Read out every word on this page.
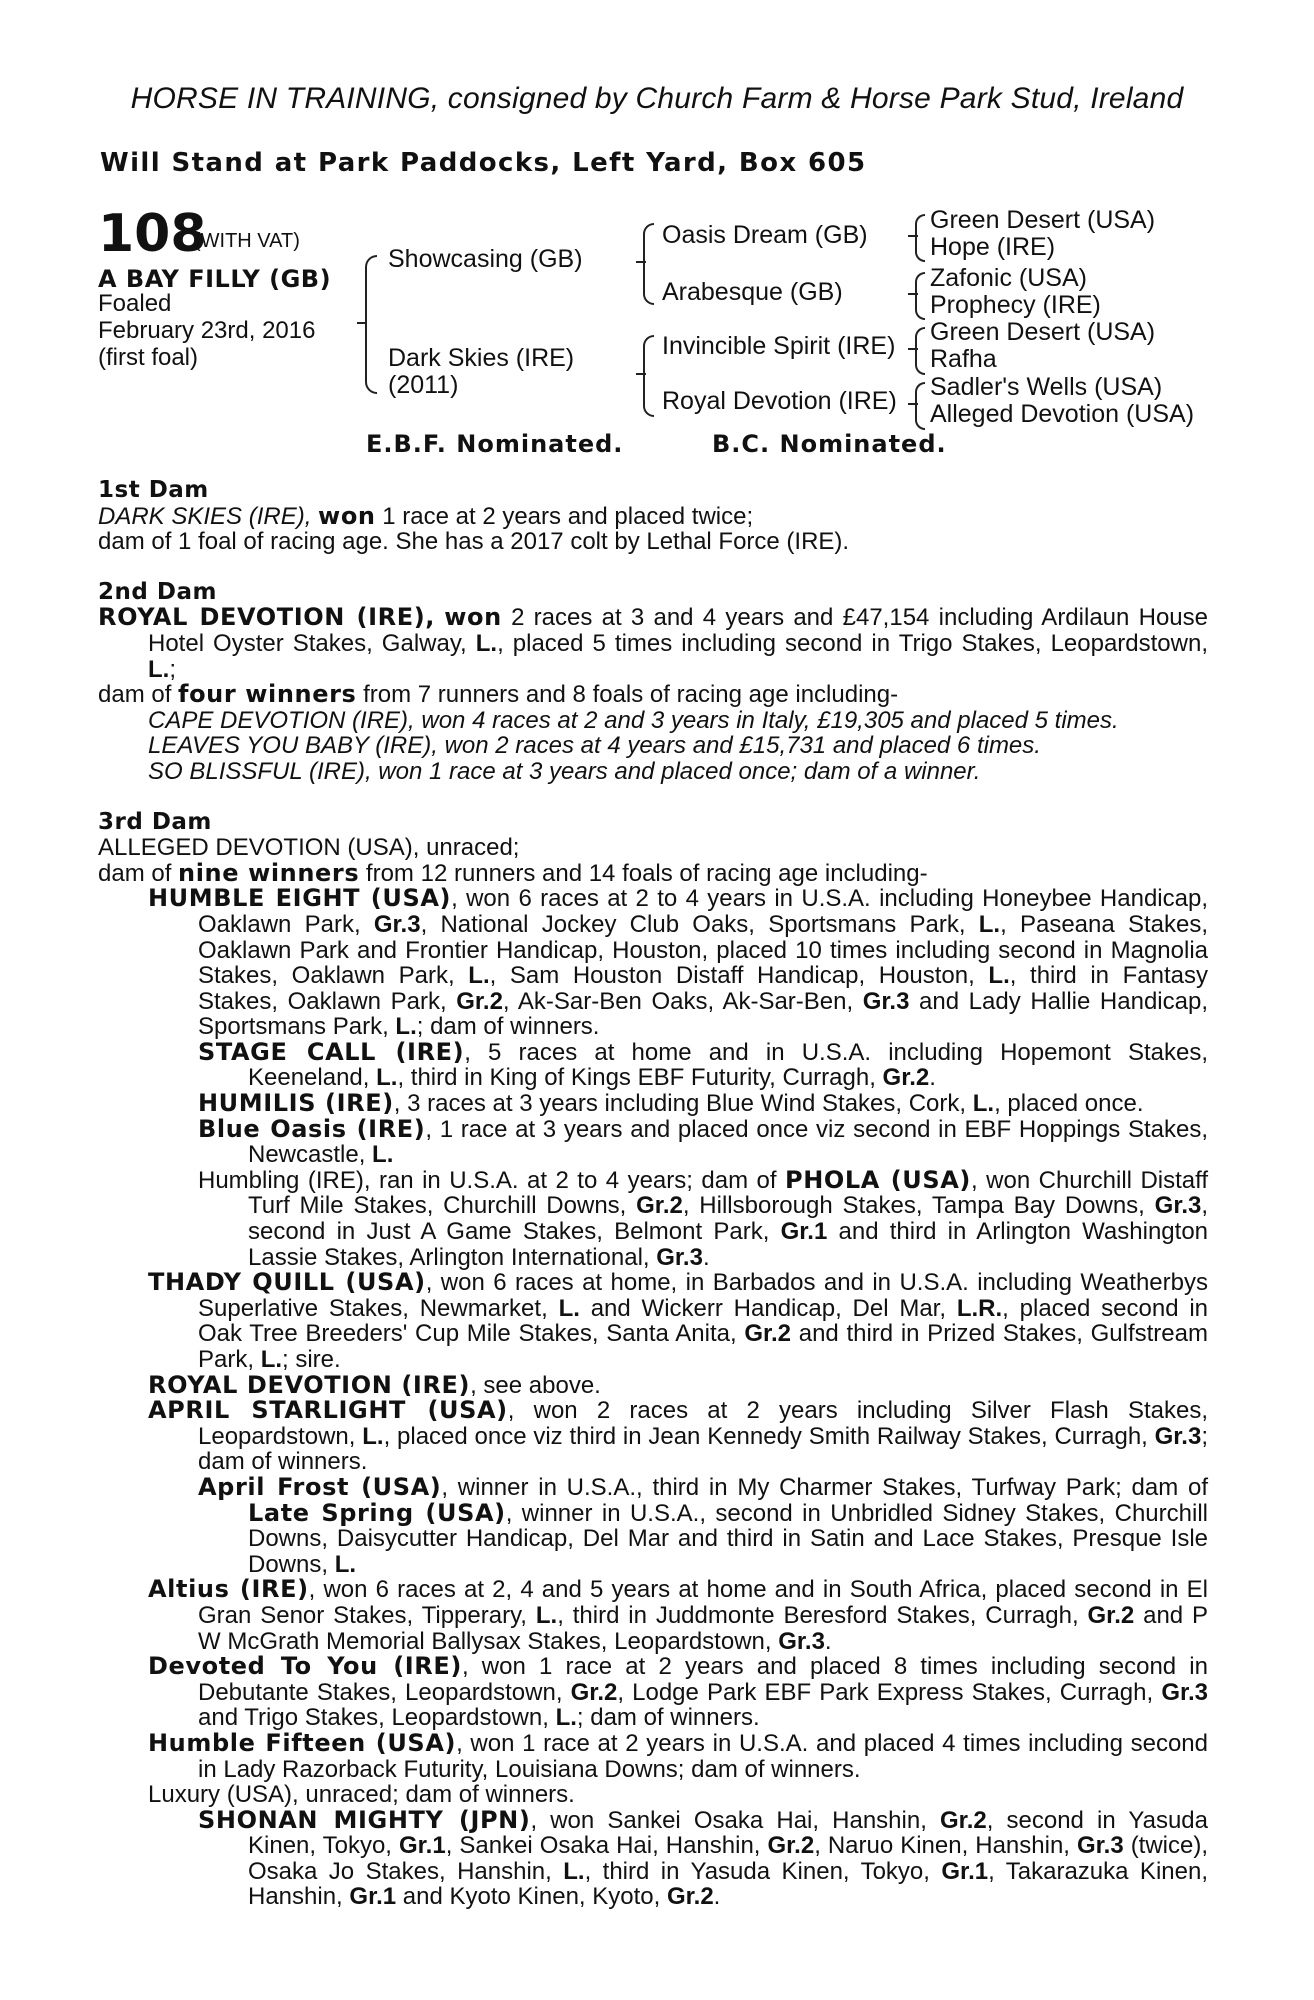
HORSE IN TRAINING, consigned by Church Farm & Horse Park Stud, Ireland
Will Stand at Park Paddocks, Left Yard, Box 605
108
(WITH VAT)
A BAY FILLY (GB)
Foaled
February 23rd, 2016
(first foal)
Showcasing (GB)
Dark Skies (IRE)
(2011)
Oasis Dream (GB)
Arabesque (GB)
Invincible Spirit (IRE)
Royal Devotion (IRE)
Green Desert (USA)
Hope (IRE)
Zafonic (USA)
Prophecy (IRE)
Green Desert (USA)
Rafha
Sadler's Wells (USA)
Alleged Devotion (USA)
E.B.F. Nominated.	B.C. Nominated.
1st Dam
DARK SKIES (IRE), won 1 race at 2 years and placed twice;
dam of 1 foal of racing age. She has a 2017 colt by Lethal Force (IRE).
2nd Dam
ROYAL DEVOTION (IRE), won 2 races at 3 and 4 years and £47,154 including Ardilaun House Hotel Oyster Stakes, Galway, L., placed 5 times including second in Trigo Stakes, Leopardstown, L.;
dam of four winners from 7 runners and 8 foals of racing age including-
CAPE DEVOTION (IRE), won 4 races at 2 and 3 years in Italy, £19,305 and placed 5 times.
LEAVES YOU BABY (IRE), won 2 races at 4 years and £15,731 and placed 6 times.
SO BLISSFUL (IRE), won 1 race at 3 years and placed once; dam of a winner.
3rd Dam
ALLEGED DEVOTION (USA), unraced;
dam of nine winners from 12 runners and 14 foals of racing age including-
HUMBLE EIGHT (USA), won 6 races at 2 to 4 years in U.S.A. including Honeybee Handicap, Oaklawn Park, Gr.3, National Jockey Club Oaks, Sportsmans Park, L., Paseana Stakes, Oaklawn Park and Frontier Handicap, Houston, placed 10 times including second in Magnolia Stakes, Oaklawn Park, L., Sam Houston Distaff Handicap, Houston, L., third in Fantasy Stakes, Oaklawn Park, Gr.2, Ak-Sar-Ben Oaks, Ak-Sar-Ben, Gr.3 and Lady Hallie Handicap, Sportsmans Park, L.; dam of winners.
STAGE CALL (IRE), 5 races at home and in U.S.A. including Hopemont Stakes, Keeneland, L., third in King of Kings EBF Futurity, Curragh, Gr.2.
HUMILIS (IRE), 3 races at 3 years including Blue Wind Stakes, Cork, L., placed once.
Blue Oasis (IRE), 1 race at 3 years and placed once viz second in EBF Hoppings Stakes, Newcastle, L.
Humbling (IRE), ran in U.S.A. at 2 to 4 years; dam of PHOLA (USA), won Churchill Distaff Turf Mile Stakes, Churchill Downs, Gr.2, Hillsborough Stakes, Tampa Bay Downs, Gr.3, second in Just A Game Stakes, Belmont Park, Gr.1 and third in Arlington Washington Lassie Stakes, Arlington International, Gr.3.
THADY QUILL (USA), won 6 races at home, in Barbados and in U.S.A. including Weatherbys Superlative Stakes, Newmarket, L. and Wickerr Handicap, Del Mar, L.R., placed second in Oak Tree Breeders' Cup Mile Stakes, Santa Anita, Gr.2 and third in Prized Stakes, Gulfstream Park, L.; sire.
ROYAL DEVOTION (IRE), see above.
APRIL STARLIGHT (USA), won 2 races at 2 years including Silver Flash Stakes, Leopardstown, L., placed once viz third in Jean Kennedy Smith Railway Stakes, Curragh, Gr.3; dam of winners.
April Frost (USA), winner in U.S.A., third in My Charmer Stakes, Turfway Park; dam of Late Spring (USA), winner in U.S.A., second in Unbridled Sidney Stakes, Churchill Downs, Daisycutter Handicap, Del Mar and third in Satin and Lace Stakes, Presque Isle Downs, L.
Altius (IRE), won 6 races at 2, 4 and 5 years at home and in South Africa, placed second in El Gran Senor Stakes, Tipperary, L., third in Juddmonte Beresford Stakes, Curragh, Gr.2 and P W McGrath Memorial Ballysax Stakes, Leopardstown, Gr.3.
Devoted To You (IRE), won 1 race at 2 years and placed 8 times including second in Debutante Stakes, Leopardstown, Gr.2, Lodge Park EBF Park Express Stakes, Curragh, Gr.3 and Trigo Stakes, Leopardstown, L.; dam of winners.
Humble Fifteen (USA), won 1 race at 2 years in U.S.A. and placed 4 times including second in Lady Razorback Futurity, Louisiana Downs; dam of winners.
Luxury (USA), unraced; dam of winners.
SHONAN MIGHTY (JPN), won Sankei Osaka Hai, Hanshin, Gr.2, second in Yasuda Kinen, Tokyo, Gr.1, Sankei Osaka Hai, Hanshin, Gr.2, Naruo Kinen, Hanshin, Gr.3 (twice), Osaka Jo Stakes, Hanshin, L., third in Yasuda Kinen, Tokyo, Gr.1, Takarazuka Kinen, Hanshin, Gr.1 and Kyoto Kinen, Kyoto, Gr.2.
